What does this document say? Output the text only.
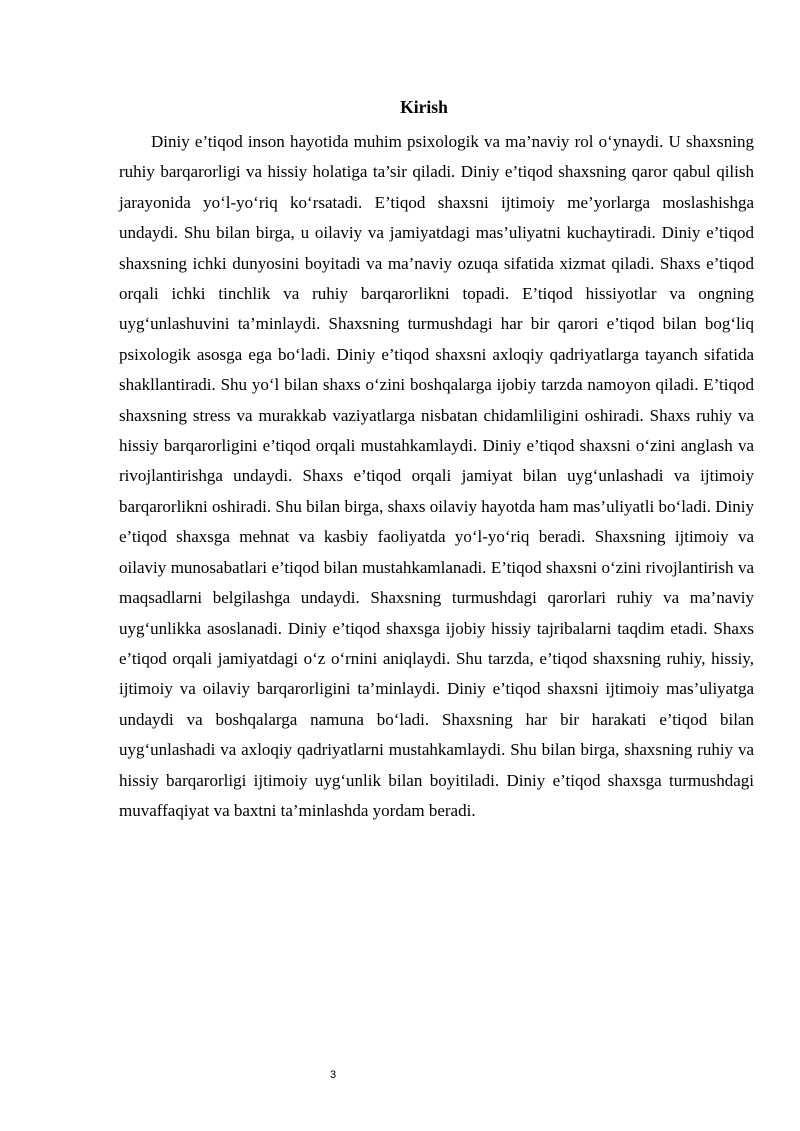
Kirish

Diniy e’tiqod inson hayotida muhim psixologik va ma’naviy rol o‘ynaydi. U shaxsning ruhiy barqarorligi va hissiy holatiga ta’sir qiladi. Diniy e’tiqod shaxsning qaror qabul qilish jarayonida yo‘l-yo‘riq ko‘rsatadi. E’tiqod shaxsni ijtimoiy me’yorlarga moslashishga undaydi. Shu bilan birga, u oilaviy va jamiyatdagi mas’uliyatni kuchaytiradi. Diniy e’tiqod shaxsning ichki dunyosini boyitadi va ma’naviy ozuqa sifatida xizmat qiladi. Shaxs e’tiqod orqali ichki tinchlik va ruhiy barqarorlikni topadi. E’tiqod hissiyotlar va ongning uyg‘unlashuvini ta’minlaydi. Shaxsning turmushdagi har bir qarori e’tiqod bilan bog‘liq psixologik asosga ega bo‘ladi. Diniy e’tiqod shaxsni axloqiy qadriyatlarga tayanch sifatida shakllantiradi. Shu yo‘l bilan shaxs o‘zini boshqalarga ijobiy tarzda namoyon qiladi. E’tiqod shaxsning stress va murakkab vaziyatlarga nisbatan chidamliligini oshiradi. Shaxs ruhiy va hissiy barqarorligini e’tiqod orqali mustahkamlaydi. Diniy e’tiqod shaxsni o‘zini anglash va rivojlantirishga undaydi. Shaxs e’tiqod orqali jamiyat bilan uyg‘unlashadi va ijtimoiy barqarorlikni oshiradi. Shu bilan birga, shaxs oilaviy hayotda ham mas’uliyatli bo‘ladi. Diniy e’tiqod shaxsga mehnat va kasbiy faoliyatda yo‘l-yo‘riq beradi. Shaxsning ijtimoiy va oilaviy munosabatlari e’tiqod bilan mustahkamlanadi. E’tiqod shaxsni o‘zini rivojlantirish va maqsadlarni belgilashga undaydi. Shaxsning turmushdagi qarorlari ruhiy va ma’naviy uyg‘unlikka asoslanadi. Diniy e’tiqod shaxsga ijobiy hissiy tajribalarni taqdim etadi. Shaxs e’tiqod orqali jamiyatdagi o‘z o‘rnini aniqlaydi. Shu tarzda, e’tiqod shaxsning ruhiy, hissiy, ijtimoiy va oilaviy barqarorligini ta’minlaydi. Diniy e’tiqod shaxsni ijtimoiy mas’uliyatga undaydi va boshqalarga namuna bo‘ladi. Shaxsning har bir harakati e’tiqod bilan uyg‘unlashadi va axloqiy qadriyatlarni mustahkamlaydi. Shu bilan birga, shaxsning ruhiy va hissiy barqarorligi ijtimoiy uyg‘unlik bilan boyitiladi. Diniy e’tiqod shaxsga turmushdagi muvaffaqiyat va baxtni ta’minlashda yordam beradi.

3
